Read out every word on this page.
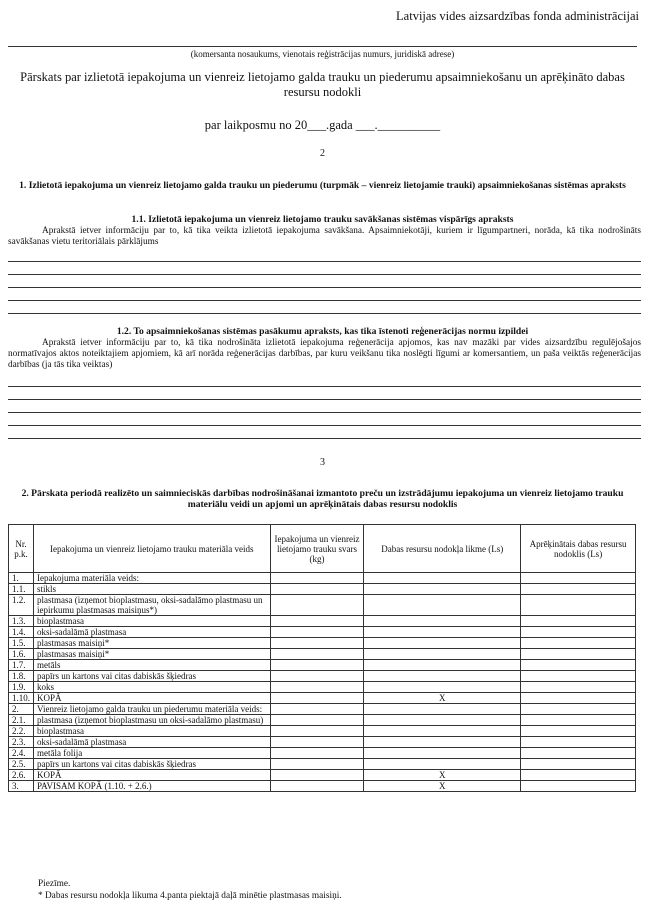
Latvijas vides aizsardzības fonda administrācijai
(komersanta nosaukums, vienotais reģistrācijas numurs, juridiskā adrese)
Pārskats par izlietotā iepakojuma un vienreiz lietojamo galda trauku un piederumu apsaimniekošanu un aprēķināto dabas resursu nodokli
par laikposmu no 20___.gada ___.__________
2
1. Izlietotā iepakojuma un vienreiz lietojamo galda trauku un piederumu (turpmāk – vienreiz lietojamie trauki) apsaimniekošanas sistēmas apraksts
1.1. Izlietotā iepakojuma un vienreiz lietojamo trauku savākšanas sistēmas vispārīgs apraksts
Aprakstā ietver informāciju par to, kā tika veikta izlietotā iepakojuma savākšana. Apsaimniekotāji, kuriem ir līgumpartneri, norāda, kā tika nodrošināts savākšanas vietu teritoriālais pārklājums
1.2. To apsaimniekošanas sistēmas pasākumu apraksts, kas tika īstenoti reģenerācijas normu izpildei
Aprakstā ietver informāciju par to, kā tika nodrošināta izlietotā iepakojuma reģenerācija apjomos, kas nav mazāki par vides aizsardzību regulējošajos normatīvajos aktos noteiktajiem apjomiem, kā arī norāda reģenerācijas darbības, par kuru veikšanu tika noslēgti līgumi ar komersantiem, un paša veiktās reģenerācijas darbības (ja tās tika veiktas)
3
2. Pārskata periodā realizēto un saimnieciskās darbības nodrošināšanai izmantoto preču un izstrādājumu iepakojuma un vienreiz lietojamo trauku materiālu veidi un apjomi un aprēķinātais dabas resursu nodoklis
Nr. p.k.	Iepakojuma un vienreiz lietojamo trauku materiāla veids	Iepakojuma un vienreiz lietojamo trauku svars (kg)	Dabas resursu nodokļa likme (Ls)	Aprēķinātais dabas resursu nodoklis (Ls)
1.	Iepakojuma materiāla veids:			
1.1.	stikls			
1.2.	plastmasa (izņemot bioplastmasu, oksi-sadalāmo plastmasu un iepirkumu plastmasas maisiņus*)			
1.3.	bioplastmasa			
1.4.	oksi-sadalāmā plastmasa			
1.5.	plastmasas maisiņi*			
1.6.	plastmasas maisiņi*			
1.7.	metāls			
1.8.	papīrs un kartons vai citas dabiskās šķiedras			
1.9.	koks			
1.10.	KOPĀ		X	
2.	Vienreiz lietojamo galda trauku un piederumu materiāla veids:			
2.1.	plastmasa (izņemot bioplastmasu un oksi-sadalāmo plastmasu)			
2.2.	bioplastmasa			
2.3.	oksi-sadalāmā plastmasa			
2.4.	metāla folija			
2.5.	papīrs un kartons vai citas dabiskās šķiedras			
2.6.	KOPĀ		X	
3.	PAVISAM KOPĀ (1.10. + 2.6.)		X	
Piezīme.
* Dabas resursu nodokļa likuma 4.panta piektajā daļā minētie plastmasas maisiņi.
